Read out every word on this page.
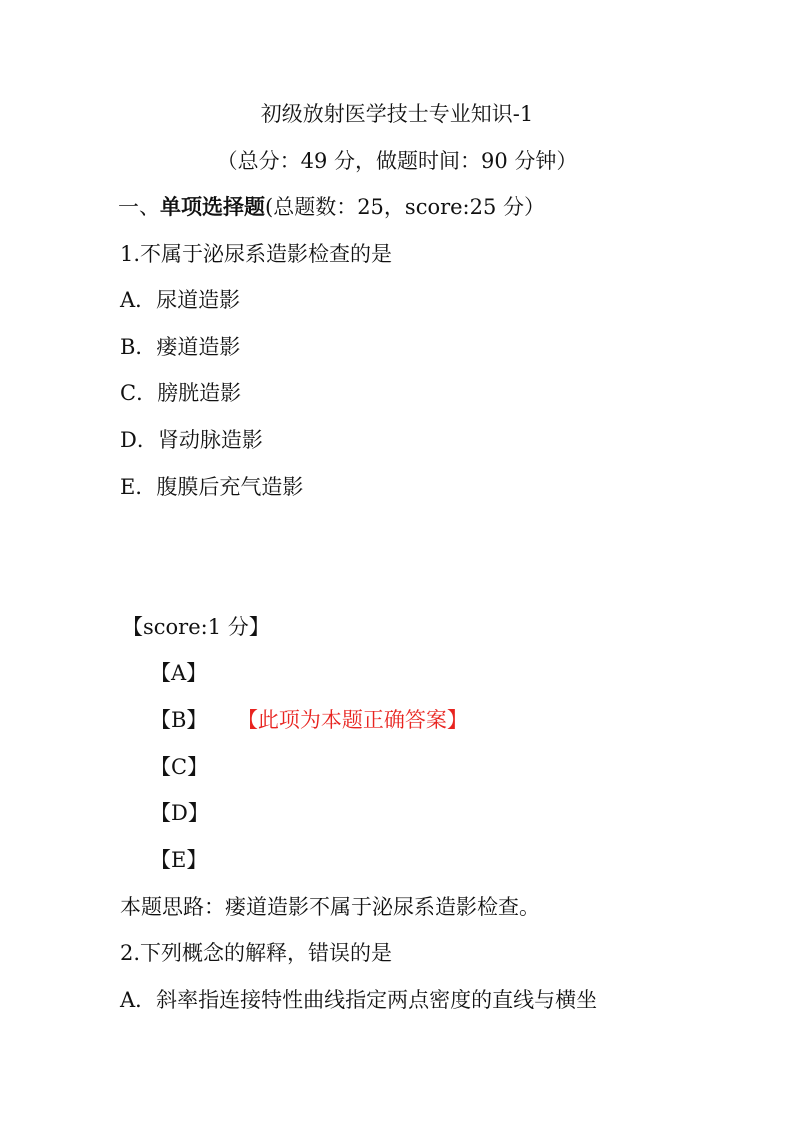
初级放射医学技士专业知识-1
（总分：49 分，做题时间：90 分钟）
一、单项选择题(总题数：25，score:25 分）
1.不属于泌尿系造影检查的是
A．尿道造影
B．瘘道造影
C．膀胱造影
D．肾动脉造影
E．腹膜后充气造影
【score:1 分】
【A】
【B】 【此项为本题正确答案】
【C】
【D】
【E】
本题思路：瘘道造影不属于泌尿系造影检查。
2.下列概念的解释，错误的是
A．斜率指连接特性曲线指定两点密度的直线与横坐
